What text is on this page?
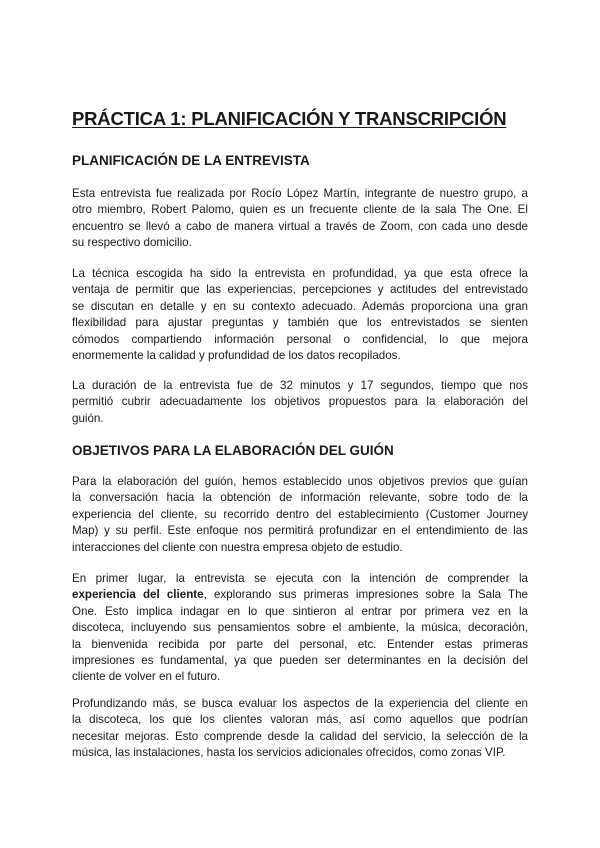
PRÁCTICA 1: PLANIFICACIÓN Y TRANSCRIPCIÓN
PLANIFICACIÓN DE LA ENTREVISTA
Esta entrevista fue realizada por Rocío López Martín, integrante de nuestro grupo, a
otro miembro, Robert Palomo, quien es un frecuente cliente de la sala The One. El
encuentro se llevó a cabo de manera virtual a través de Zoom, con cada uno desde
su respectivo domicilio.
La técnica escogida ha sido la entrevista en profundidad, ya que esta ofrece la
ventaja de permitir que las experiencias, percepciones y actitudes del entrevistado
se discutan en detalle y en su contexto adecuado. Además proporciona una gran
flexibilidad para ajustar preguntas y también que los entrevistados se sienten
cómodos compartiendo información personal o confidencial, lo que mejora
enormemente la calidad y profundidad de los datos recopilados.
La duración de la entrevista fue de 32 minutos y 17 segundos, tiempo que nos
permitió cubrir adecuadamente los objetivos propuestos para la elaboración del
guión.
OBJETIVOS PARA LA ELABORACIÓN DEL GUIÓN
Para la elaboración del guión, hemos establecido unos objetivos previos que guían
la conversación hacia la obtención de información relevante, sobre todo de la
experiencia del cliente, su recorrido dentro del establecimiento (Customer Journey
Map) y su perfil. Este enfoque nos permitirá profundizar en el entendimiento de las
interacciones del cliente con nuestra empresa objeto de estudio.
En primer lugar, la entrevista se ejecuta con la intención de comprender la
experiencia del cliente, explorando sus primeras impresiones sobre la Sala The
One. Esto implica indagar en lo que sintieron al entrar por primera vez en la
discoteca, incluyendo sus pensamientos sobre el ambiente, la música, decoración,
la bienvenida recibida por parte del personal, etc. Entender estas primeras
impresiones es fundamental, ya que pueden ser determinantes en la decisión del
cliente de volver en el futuro.
Profundizando más, se busca evaluar los aspectos de la experiencia del cliente en
la discoteca, los que los clientes valoran más, así como aquellos que podrían
necesitar mejoras. Esto comprende desde la calidad del servicio, la selección de la
música, las instalaciones, hasta los servicios adicionales ofrecidos, como zonas VIP.
